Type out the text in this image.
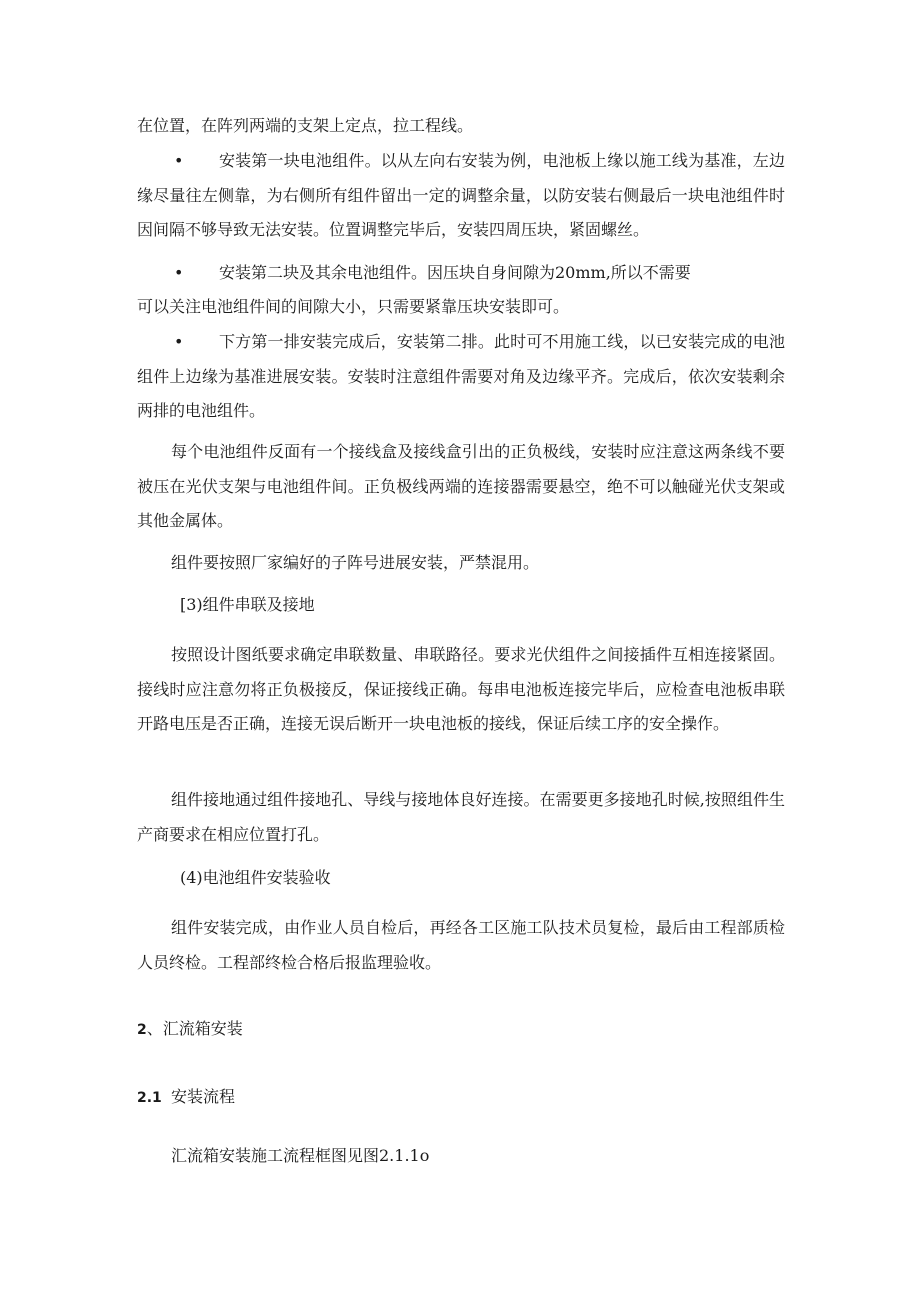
在位置，在阵列两端的支架上定点，拉工程线。

•	安装第一块电池组件。以从左向右安装为例，电池板上缘以施工线为基准，左边缘尽量往左侧靠，为右侧所有组件留出一定的调整余量，以防安装右侧最后一块电池组件时因间隔不够导致无法安装。位置调整完毕后，安装四周压块，紧固螺丝。

•	安装第二块及其余电池组件。因压块自身间隙为20mm,所以不需要

可以关注电池组件间的间隙大小，只需要紧靠压块安装即可。

•	下方第一排安装完成后，安装第二排。此时可不用施工线，以已安装完成的电池组件上边缘为基准进展安装。安装时注意组件需要对角及边缘平齐。完成后，依次安装剩余两排的电池组件。

每个电池组件反面有一个接线盒及接线盒引出的正负极线，安装时应注意这两条线不要被压在光伏支架与电池组件间。正负极线两端的连接器需要悬空，绝不可以触碰光伏支架或其他金属体。

组件要按照厂家编好的子阵号进展安装，严禁混用。

[3)组件串联及接地

按照设计图纸要求确定串联数量、串联路径。要求光伏组件之间接插件互相连接紧固。接线时应注意勿将正负极接反，保证接线正确。每串电池板连接完毕后，应检查电池板串联开路电压是否正确，连接无误后断开一块电池板的接线，保证后续工序的安全操作。

组件接地通过组件接地孔、导线与接地体良好连接。在需要更多接地孔时候,按照组件生产商要求在相应位置打孔。

(4)电池组件安装验收

组件安装完成，由作业人员自检后，再经各工区施工队技术员复检，最后由工程部质检人员终检。工程部终检合格后报监理验收。

2、汇流箱安装

2.1 安装流程

汇流箱安装施工流程框图见图2.1.1o
